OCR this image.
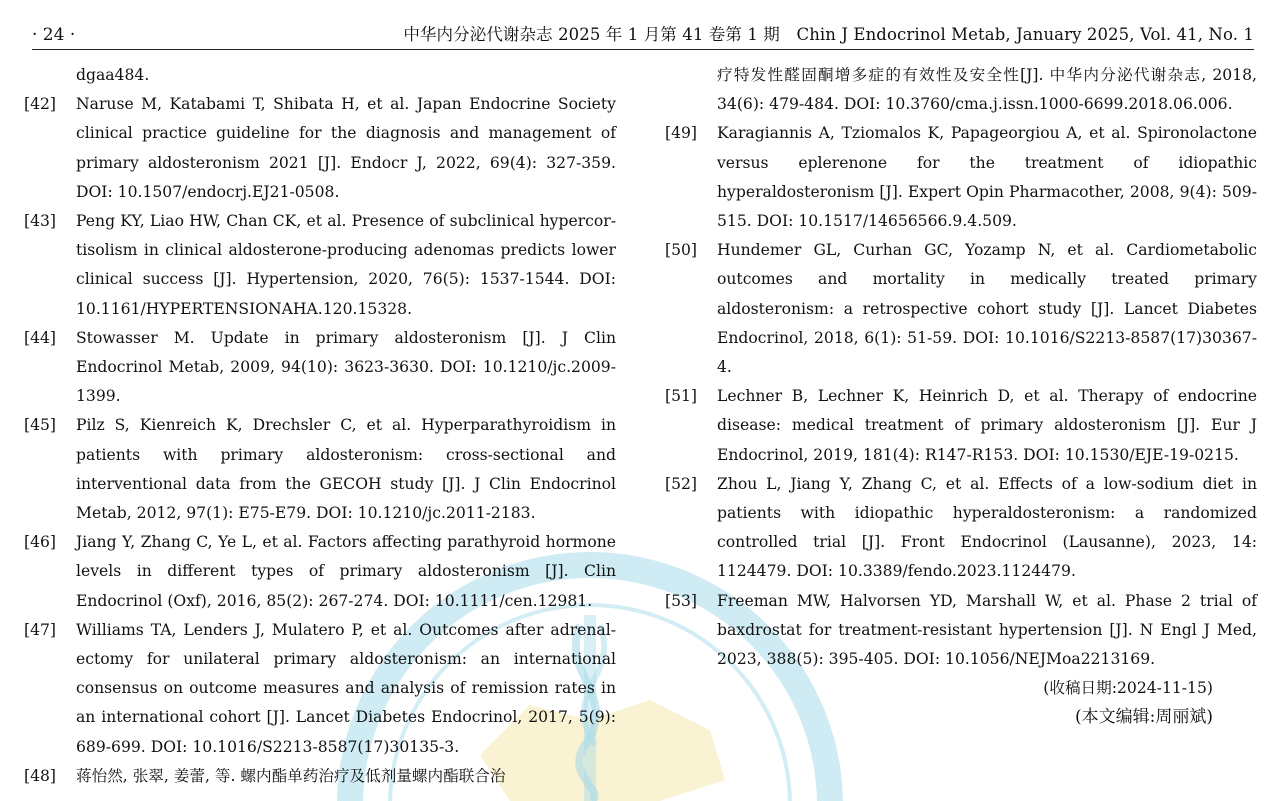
· 24 ·	中华内分泌代谢杂志 2025 年 1 月第 41 卷第 1 期　Chin J Endocrinol Metab, January 2025, Vol. 41, No. 1
dgaa484.
[42]	Naruse M, Katabami T, Shibata H, et al. Japan Endocrine Society clinical practice guideline for the diagnosis and management of primary aldosteronism 2021 [J]. Endocr J, 2022, 69(4): 327-359. DOI: 10.1507/endocrj.EJ21-0508.
[43]	Peng KY, Liao HW, Chan CK, et al. Presence of subclinical hypercor-tisolism in clinical aldosterone-producing adenomas predicts lower clinical success [J]. Hypertension, 2020, 76(5): 1537-1544. DOI: 10.1161/HYPERTENSIONAHA.120.15328.
[44]	Stowasser M. Update in primary aldosteronism [J]. J Clin Endocrinol Metab, 2009, 94(10): 3623-3630. DOI: 10.1210/jc.2009-1399.
[45]	Pilz S, Kienreich K, Drechsler C, et al. Hyperparathyroidism in patients with primary aldosteronism: cross-sectional and interventional data from the GECOH study [J]. J Clin Endocrinol Metab, 2012, 97(1): E75-E79. DOI: 10.1210/jc.2011-2183.
[46]	Jiang Y, Zhang C, Ye L, et al. Factors affecting parathyroid hormone levels in different types of primary aldosteronism [J]. Clin Endocrinol (Oxf), 2016, 85(2): 267-274. DOI: 10.1111/cen.12981.
[47]	Williams TA, Lenders J, Mulatero P, et al. Outcomes after adrenal-ectomy for unilateral primary aldosteronism: an international consensus on outcome measures and analysis of remission rates in an international cohort [J]. Lancet Diabetes Endocrinol, 2017, 5(9): 689-699. DOI: 10.1016/S2213-8587(17)30135-3.
[48]	蒋怡然, 张翠, 姜蕾, 等. 螺内酯单药治疗及低剂量螺内酯联合治
疗特发性醛固酮增多症的有效性及安全性[J]. 中华内分泌代谢杂志, 2018, 34(6): 479-484. DOI: 10.3760/cma.j.issn.1000-6699.2018.06.006.
[49]	Karagiannis A, Tziomalos K, Papageorgiou A, et al. Spironolactone versus eplerenone for the treatment of idiopathic hyperaldosteronism [J]. Expert Opin Pharmacother, 2008, 9(4): 509-515. DOI: 10.1517/14656566.9.4.509.
[50]	Hundemer GL, Curhan GC, Yozamp N, et al. Cardiometabolic outcomes and mortality in medically treated primary aldosteronism: a retrospective cohort study [J]. Lancet Diabetes Endocrinol, 2018, 6(1): 51-59. DOI: 10.1016/S2213-8587(17)30367-4.
[51]	Lechner B, Lechner K, Heinrich D, et al. Therapy of endocrine disease: medical treatment of primary aldosteronism [J]. Eur J Endocrinol, 2019, 181(4): R147-R153. DOI: 10.1530/EJE-19-0215.
[52]	Zhou L, Jiang Y, Zhang C, et al. Effects of a low-sodium diet in patients with idiopathic hyperaldosteronism: a randomized controlled trial [J]. Front Endocrinol (Lausanne), 2023, 14: 1124479. DOI: 10.3389/fendo.2023.1124479.
[53]	Freeman MW, Halvorsen YD, Marshall W, et al. Phase 2 trial of baxdrostat for treatment-resistant hypertension [J]. N Engl J Med, 2023, 388(5): 395-405. DOI: 10.1056/NEJMoa2213169.
(收稿日期:2024-11-15)
(本文编辑:周丽斌)
